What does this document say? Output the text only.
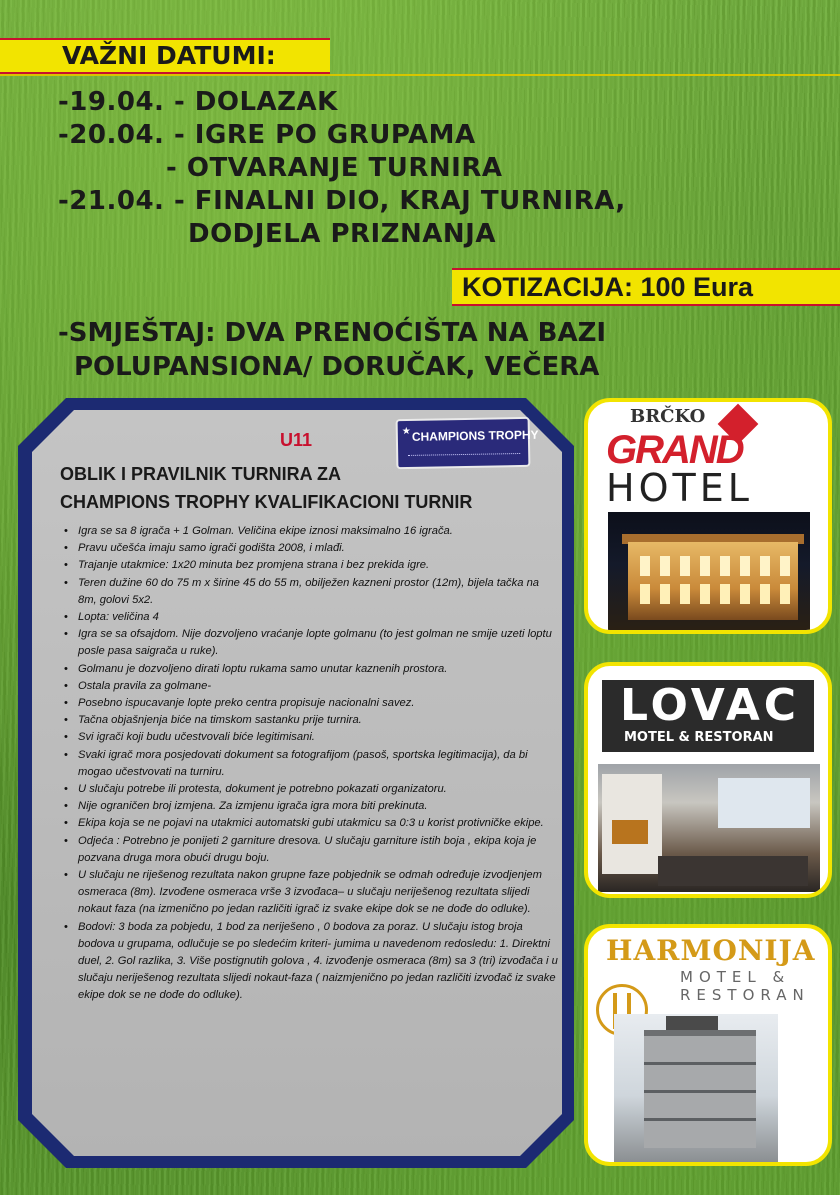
VAŽNI DATUMI:
-19.04. - DOLAZAK
-20.04. - IGRE PO GRUPAMA
- OTVARANJE TURNIRA
-21.04. - FINALNI DIO, KRAJ TURNIRA,
DODJELA PRIZNANJA
KOTIZACIJA: 100 Eura
-SMJEŠTAJ: DVA PRENOĆIŠTA NA BAZI
POLUPANSIONA/ DORUČAK, VEČERA
U11	★ CHAMPIONS TROPHY
OBLIK I PRAVILNIK TURNIRA ZA
CHAMPIONS TROPHY KVALIFIKACIONI TURNIR
• Igra se sa 8 igrača + 1 Golman. Veličina ekipe iznosi maksimalno 16 igrača.
• Pravu učešća imaju samo igrači godišta 2008, i mlađi.
• Trajanje utakmice: 1x20 minuta bez promjena strana i bez prekida igre.
• Teren dužine 60 do 75 m x širine 45 do 55 m, obilježen kazneni prostor (12m), bijela tačka na 8m, golovi 5x2.
• Lopta: veličina 4
• Igra se sa ofsajdom. Nije dozvoljeno vraćanje lopte golmanu (to jest golman ne smije uzeti loptu posle pasa saigrača u ruke).
• Golmanu je dozvoljeno dirati loptu rukama samo unutar kaznenih prostora.
• Ostala pravila za golmane-
• Posebno ispucavanje lopte preko centra propisuje nacionalni savez.
• Tačna objašnjenja biće na timskom sastanku prije turnira.
• Svi igrači koji budu učestvovali biće legitimisani.
• Svaki igrač mora posjedovati dokument sa fotografijom (pasoš, sportska legitimacija), da bi mogao učestvovati na turniru.
• U slučaju potrebe ili protesta, dokument je potrebno pokazati organizatoru.
• Nije ograničen broj izmjena. Za izmjenu igrača igra mora biti prekinuta.
• Ekipa koja se ne pojavi na utakmici automatski gubi utakmicu sa 0:3 u korist protivničke ekipe.
• Odjeća : Potrebno je ponijeti 2 garniture dresova. U slučaju garniture istih boja , ekipa koja je pozvana druga mora obući drugu boju.
• U slučaju ne riješenog rezultata nakon grupne faze pobjednik se odmah određuje izvodjenjem osmeraca (8m). Izvođene osmeraca vrše 3 izvođaca– u slučaju neriješenog rezultata slijedi nokaut faza (na izmenično po jedan različiti igrač iz svake ekipe dok se ne dođe do odluke).
• Bodovi: 3 boda za pobjedu, 1 bod za neriješeno , 0 bodova za poraz. U slučaju istog broja bodova u grupama, odlučuje se po sledećim kriteri- jumima u navedenom redosledu: 1. Direktni duel, 2. Gol razlika, 3. Više postignutih golova , 4. izvođenje osmeraca (8m) sa 3 (tri) izvođača i u slučaju neriješenog rezultata slijedi nokaut-faza ( naizmjenično po jedan različiti izvođač iz svake ekipe dok se ne dođe do odluke).
BRČKO
GRAND
HOTEL
LOVAC
MOTEL & RESTORAN
HARMONIJA
MOTEL &
RESTORAN
